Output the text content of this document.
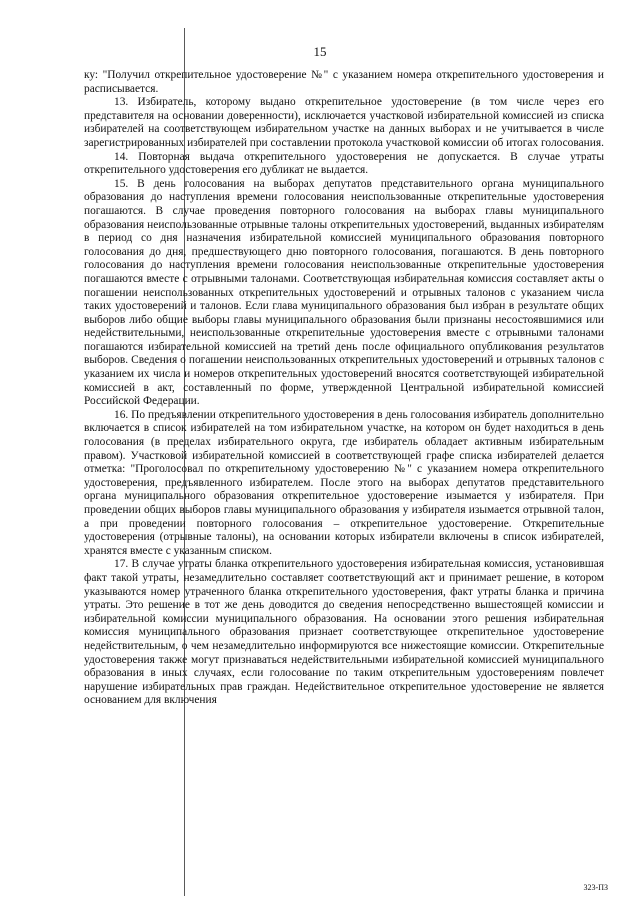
15

ку: "Получил открепительное удостоверение №" с указанием номера открепительного удостоверения и расписывается.

13. Избиратель, которому выдано открепительное удостоверение (в том числе через его представителя на основании доверенности), исключается участковой избирательной комиссией из списка избирателей на соответствующем избирательном участке на данных выборах и не учитывается в числе зарегистрированных избирателей при составлении протокола участковой комиссии об итогах голосования.

14. Повторная выдача открепительного удостоверения не допускается. В случае утраты открепительного удостоверения его дубликат не выдается.

15. В день голосования на выборах депутатов представительного органа муниципального образования до наступления времени голосования неиспользованные открепительные удостоверения погашаются. В случае проведения повторного голосования на выборах главы муниципального образования неиспользованные отрывные талоны открепительных удостоверений, выданных избирателям в период со дня назначения избирательной комиссией муниципального образования повторного голосования до дня, предшествующего дню повторного голосования, погашаются. В день повторного голосования до наступления времени голосования неиспользованные открепительные удостоверения погашаются вместе с отрывными талонами. Соответствующая избирательная комиссия составляет акты о погашении неиспользованных открепительных удостоверений и отрывных талонов с указанием числа таких удостоверений и талонов. Если глава муниципального образования был избран в результате общих выборов либо общие выборы главы муниципального образования были признаны несостоявшимися или недействительными, неиспользованные открепительные удостоверения вместе с отрывными талонами погашаются избирательной комиссией на третий день после официального опубликования результатов выборов. Сведения о погашении неиспользованных открепительных удостоверений и отрывных талонов с указанием их числа и номеров открепительных удостоверений вносятся соответствующей избирательной комиссией в акт, составленный по форме, утвержденной Центральной избирательной комиссией Российской Федерации.

16. По предъявлении открепительного удостоверения в день голосования избиратель дополнительно включается в список избирателей на том избирательном участке, на котором он будет находиться в день голосования (в пределах избирательного округа, где избиратель обладает активным избирательным правом). Участковой избирательной комиссией в соответствующей графе списка избирателей делается отметка: "Проголосовал по открепительному удостоверению №" с указанием номера открепительного удостоверения, предъявленного избирателем. После этого на выборах депутатов представительного органа муниципального образования открепительное удостоверение изымается у избирателя. При проведении общих выборов главы муниципального образования у избирателя изымается отрывной талон, а при проведении повторного голосования – открепительное удостоверение. Открепительные удостоверения (отрывные талоны), на основании которых избиратели включены в список избирателей, хранятся вместе с указанным списком.

17. В случае утраты бланка открепительного удостоверения избирательная комиссия, установившая факт такой утраты, незамедлительно составляет соответствующий акт и принимает решение, в котором указываются номер утраченного бланка открепительного удостоверения, факт утраты бланка и причина утраты. Это решение в тот же день доводится до сведения непосредственно вышестоящей комиссии и избирательной комиссии муниципального образования. На основании этого решения избирательная комиссия муниципального образования признает соответствующее открепительное удостоверение недействительным, о чем незамедлительно информируются все нижестоящие комиссии. Открепительные удостоверения также могут признаваться недействительными избирательной комиссией муниципального образования в иных случаях, если голосование по таким открепительным удостоверениям повлечет нарушение избирательных прав граждан. Недействительное открепительное удостоверение не является основанием для включения

323-ПЗ
